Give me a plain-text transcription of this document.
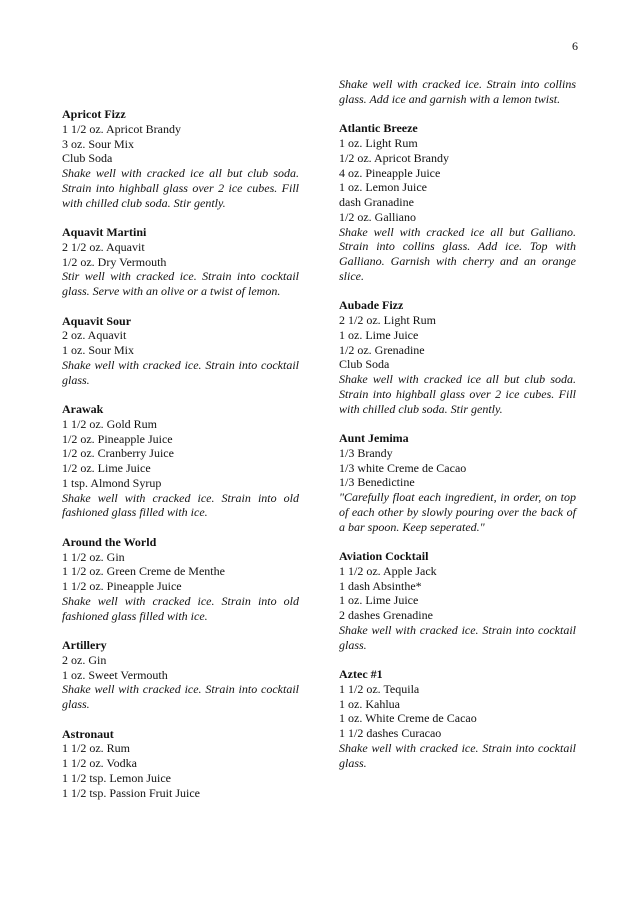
6

Apricot Fizz

1 1/2 oz. Apricot Brandy

3 oz. Sour Mix

Club Soda

Shake well with cracked ice all but club soda. Strain into highball glass over 2 ice cubes. Fill with chilled club soda. Stir gently.

Aquavit Martini

2 1/2 oz. Aquavit

1/2 oz. Dry Vermouth

Stir well with cracked ice. Strain into cocktail glass. Serve with an olive or a twist of lemon.

Aquavit Sour

2 oz. Aquavit

1 oz. Sour Mix

Shake well with cracked ice. Strain into cocktail glass.

Arawak

1 1/2 oz. Gold Rum

1/2 oz. Pineapple Juice

1/2 oz. Cranberry Juice

1/2 oz. Lime Juice

1 tsp. Almond Syrup

Shake well with cracked ice. Strain into old fashioned glass filled with ice.

Around the World

1 1/2 oz. Gin

1 1/2 oz. Green Creme de Menthe

1 1/2 oz. Pineapple Juice

Shake well with cracked ice. Strain into old fashioned glass filled with ice.

Artillery

2 oz. Gin

1 oz. Sweet Vermouth

Shake well with cracked ice. Strain into cocktail glass.

Astronaut

1 1/2 oz. Rum

1 1/2 oz. Vodka

1 1/2 tsp. Lemon Juice

1 1/2 tsp. Passion Fruit Juice

Shake well with cracked ice. Strain into collins glass. Add ice and garnish with a lemon twist.

Atlantic Breeze

1 oz. Light Rum

1/2 oz. Apricot Brandy

4 oz. Pineapple Juice

1 oz. Lemon Juice

dash Granadine

1/2 oz. Galliano

Shake well with cracked ice all but Galliano. Strain into collins glass. Add ice. Top with Galliano. Garnish with cherry and an orange slice.

Aubade Fizz

2 1/2 oz. Light Rum

1 oz. Lime Juice

1/2 oz. Grenadine

Club Soda

Shake well with cracked ice all but club soda. Strain into highball glass over 2 ice cubes. Fill with chilled club soda. Stir gently.

Aunt Jemima

1/3 Brandy

1/3 white Creme de Cacao

1/3 Benedictine

"Carefully float each ingredient, in order, on top of each other by slowly pouring over the back of a bar spoon. Keep seperated."

Aviation Cocktail

1 1/2 oz. Apple Jack

1 dash Absinthe*

1 oz. Lime Juice

2 dashes Grenadine

Shake well with cracked ice. Strain into cocktail glass.

Aztec #1

1 1/2 oz. Tequila

1 oz. Kahlua

1 oz. White Creme de Cacao

1 1/2 dashes Curacao

Shake well with cracked ice. Strain into cocktail glass.
